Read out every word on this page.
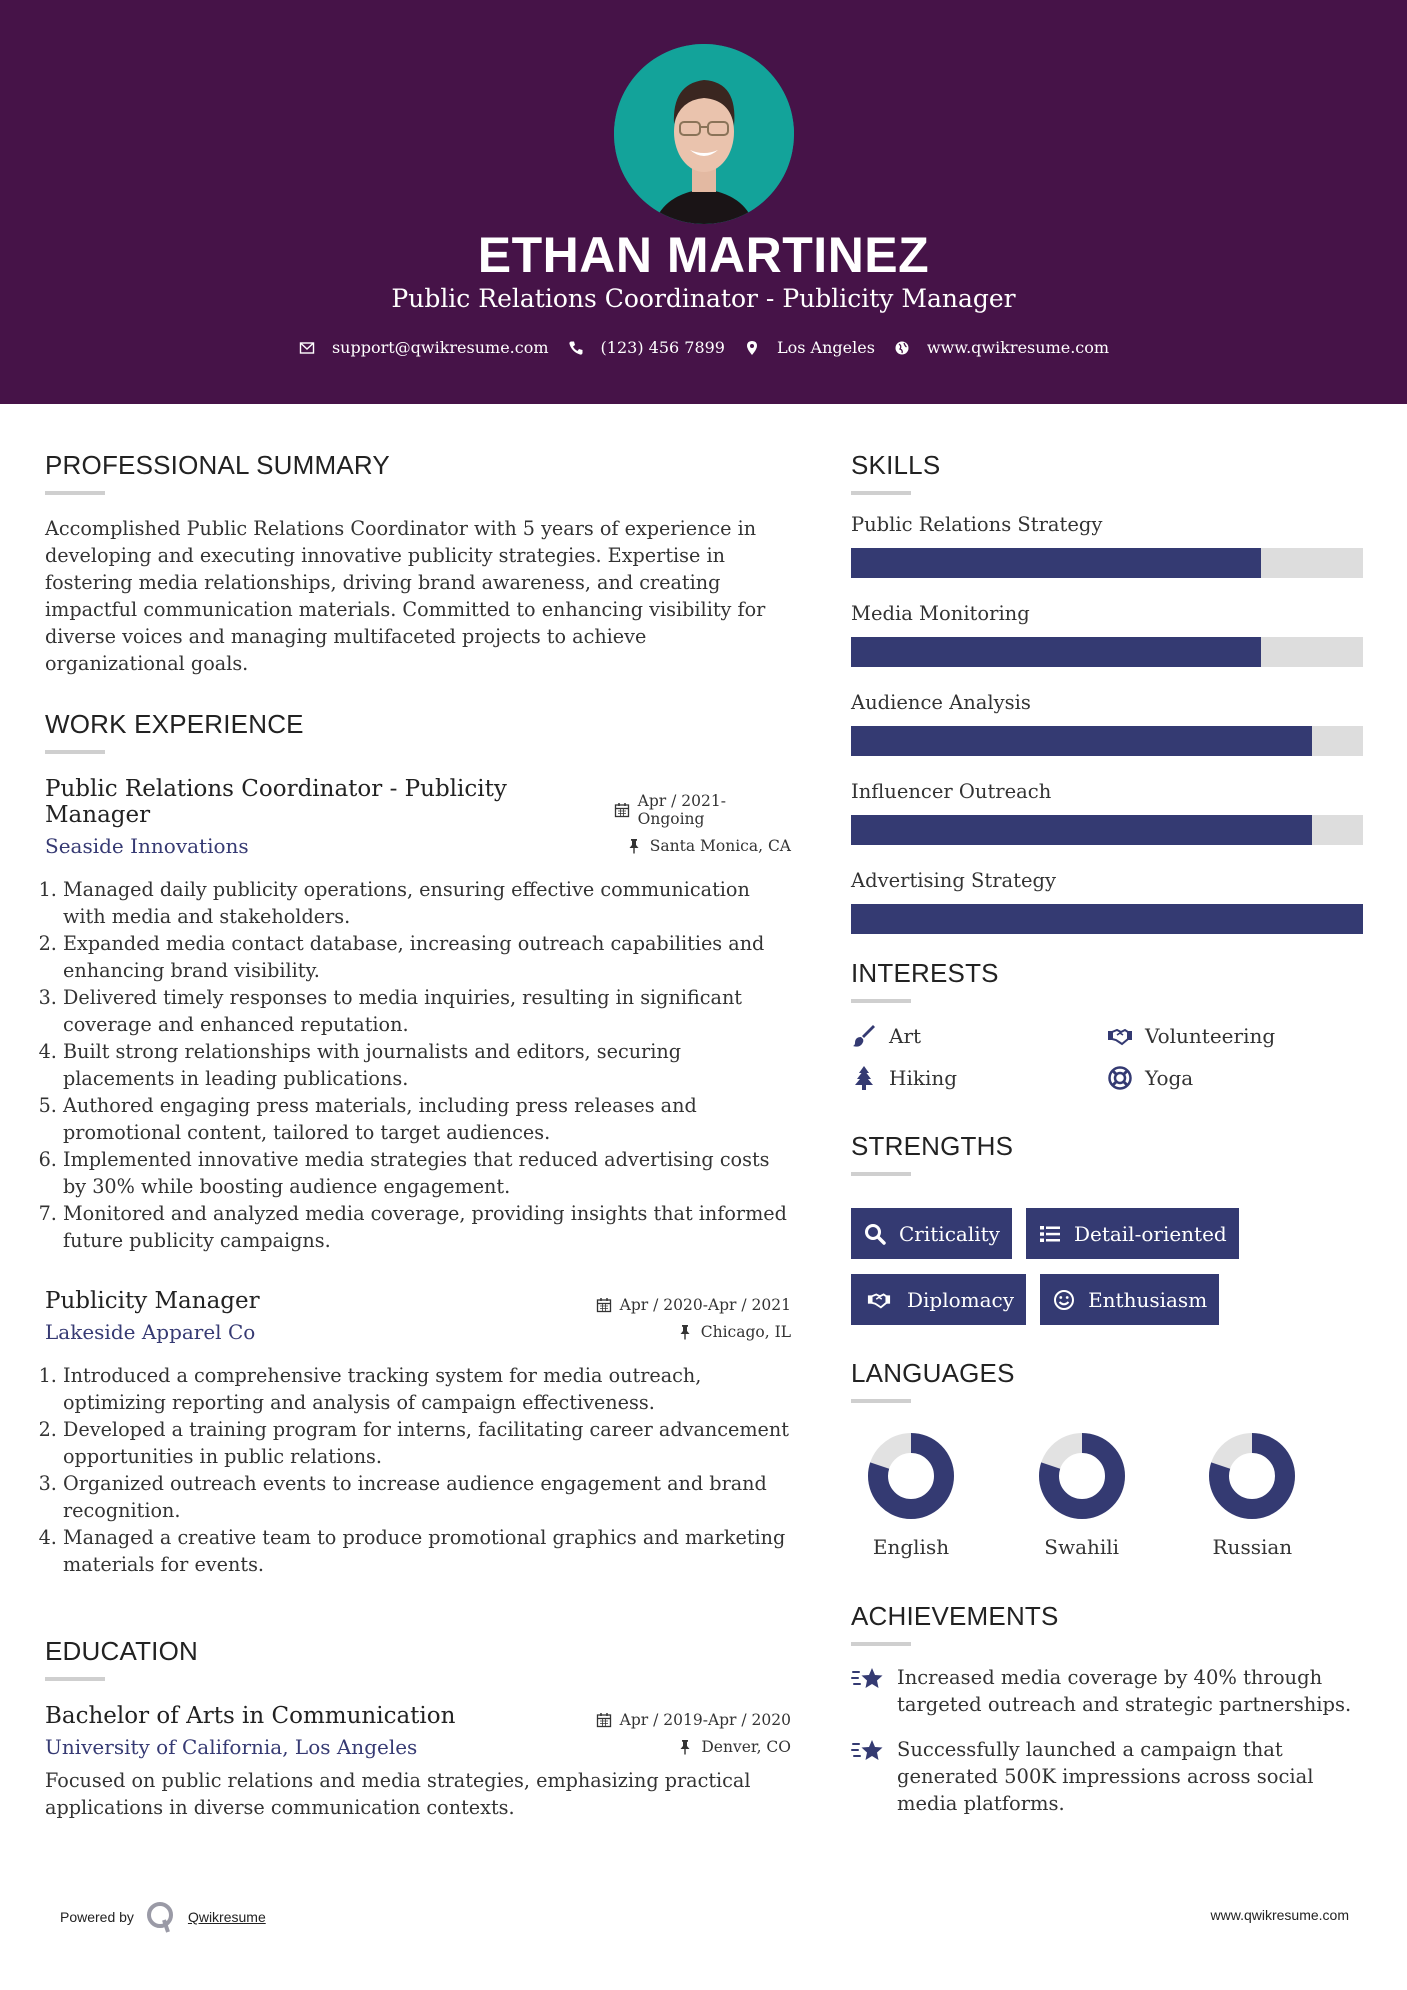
ETHAN MARTINEZ
Public Relations Coordinator - Publicity Manager
support@qwikresume.com	(123) 456 7899	Los Angeles	www.qwikresume.com
PROFESSIONAL SUMMARY

Accomplished Public Relations Coordinator with 5 years of experience in developing and executing innovative publicity strategies. Expertise in fostering media relationships, driving brand awareness, and creating impactful communication materials. Committed to enhancing visibility for diverse voices and managing multifaceted projects to achieve organizational goals.

WORK EXPERIENCE
Public Relations Coordinator - Publicity Manager
Apr / 2021-Ongoing
Seaside Innovations	Santa Monica, CA
1. Managed daily publicity operations, ensuring effective communication with media and stakeholders.
2. Expanded media contact database, increasing outreach capabilities and enhancing brand visibility.
3. Delivered timely responses to media inquiries, resulting in significant coverage and enhanced reputation.
4. Built strong relationships with journalists and editors, securing placements in leading publications.
5. Authored engaging press materials, including press releases and promotional content, tailored to target audiences.
6. Implemented innovative media strategies that reduced advertising costs by 30% while boosting audience engagement.
7. Monitored and analyzed media coverage, providing insights that informed future publicity campaigns.
Publicity Manager	Apr / 2020-Apr / 2021
Lakeside Apparel Co	Chicago, IL
1. Introduced a comprehensive tracking system for media outreach, optimizing reporting and analysis of campaign effectiveness.
2. Developed a training program for interns, facilitating career advancement opportunities in public relations.
3. Organized outreach events to increase audience engagement and brand recognition.
4. Managed a creative team to produce promotional graphics and marketing materials for events.
EDUCATION
Bachelor of Arts in Communication	Apr / 2019-Apr / 2020
University of California, Los Angeles	Denver, CO

Focused on public relations and media strategies, emphasizing practical applications in diverse communication contexts.

SKILLS
Public Relations Strategy
Media Monitoring
Audience Analysis
Influencer Outreach
Advertising Strategy
INTERESTS
Art	Volunteering
Hiking	Yoga
STRENGTHS
Criticality	Detail-oriented
Diplomacy	Enthusiasm
LANGUAGES
English	Swahili	Russian
ACHIEVEMENTS
Increased media coverage by 40% through targeted outreach and strategic partnerships.
Successfully launched a campaign that generated 500K impressions across social media platforms.
Powered by	Qwikresume	www.qwikresume.com
